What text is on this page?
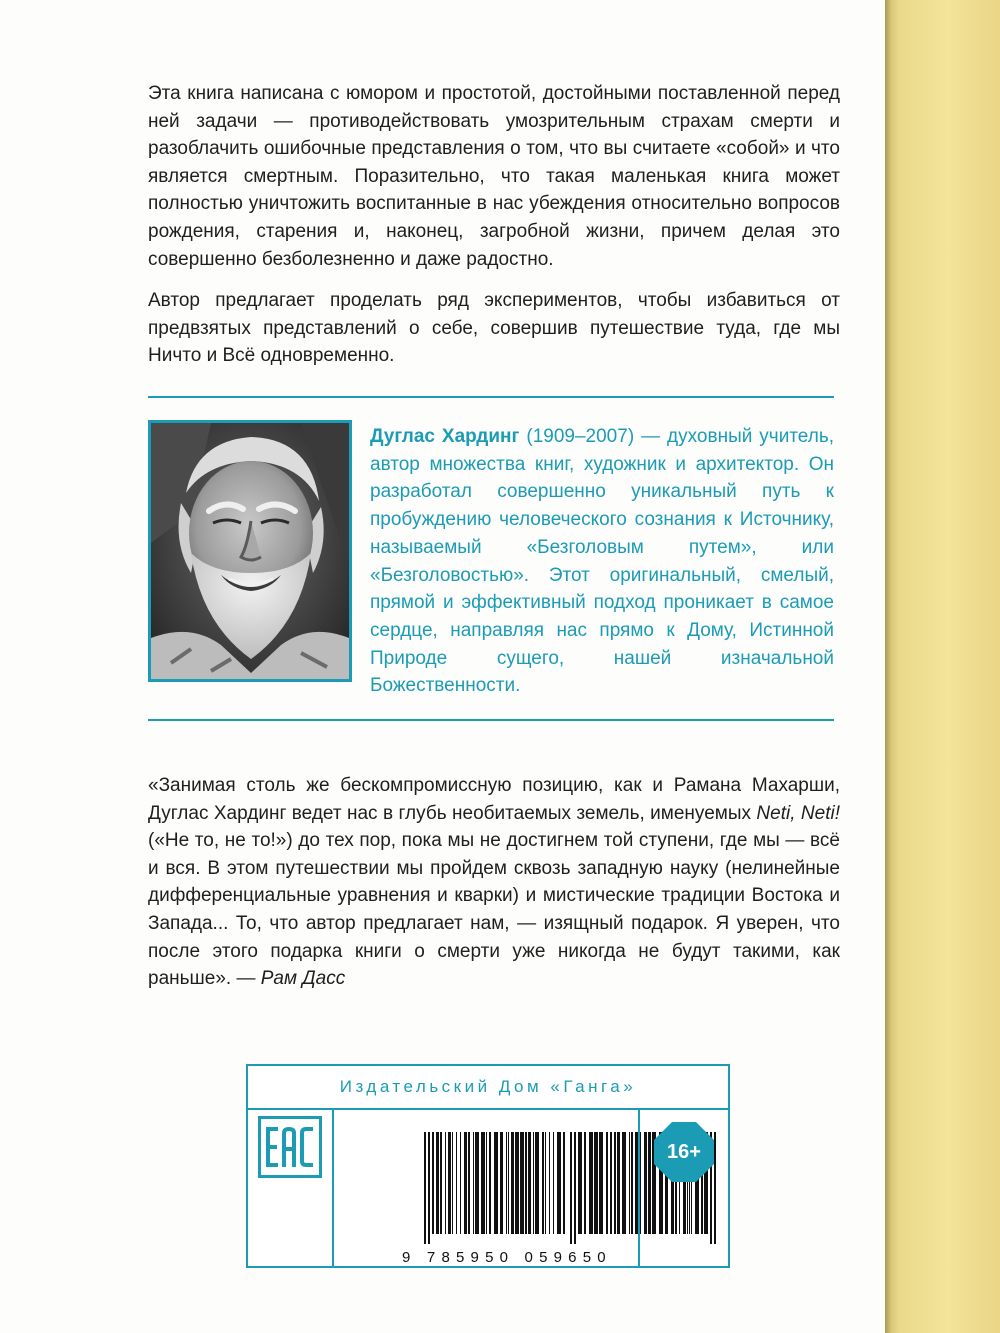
Эта книга написана с юмором и простотой, достойными поставленной перед ней задачи — противодействовать умозрительным страхам смерти и разоблачить ошибочные представления о том, что вы считаете «собой» и что является смертным. Поразительно, что такая маленькая книга может полностью уничтожить воспитанные в нас убеждения относительно вопросов рождения, старения и, наконец, загробной жизни, причем делая это совершенно безболезненно и даже радостно.

Автор предлагает проделать ряд экспериментов, чтобы избавиться от предвзятых представлений о себе, совершив путешествие туда, где мы Ничто и Всё одновременно.

Дуглас Хардинг (1909–2007) — духовный учитель, автор множества книг, художник и архитектор. Он разработал совершенно уникальный путь к пробуждению человеческого сознания к Источнику, называемый «Безголовым путем», или «Безголовостью». Этот оригинальный, смелый, прямой и эффективный подход проникает в самое сердце, направляя нас прямо к Дому, Истинной Природе сущего, нашей изначальной Божественности.

«Занимая столь же бескомпромиссную позицию, как и Рамана Махарши, Дуглас Хардинг ведет нас в глубь необитаемых земель, именуемых Neti, Neti! («Не то, не то!») до тех пор, пока мы не достигнем той ступени, где мы — всё и вся. В этом путешествии мы пройдем сквозь западную науку (нелинейные дифференциальные уравнения и кварки) и мистические традиции Востока и Запада... То, что автор предлагает нам, — изящный подарок. Я уверен, что после этого подарка книги о смерти уже никогда не будут такими, как раньше». — Рам Дасс

Издательский Дом «Ганга»
9 785950 059650
16+
